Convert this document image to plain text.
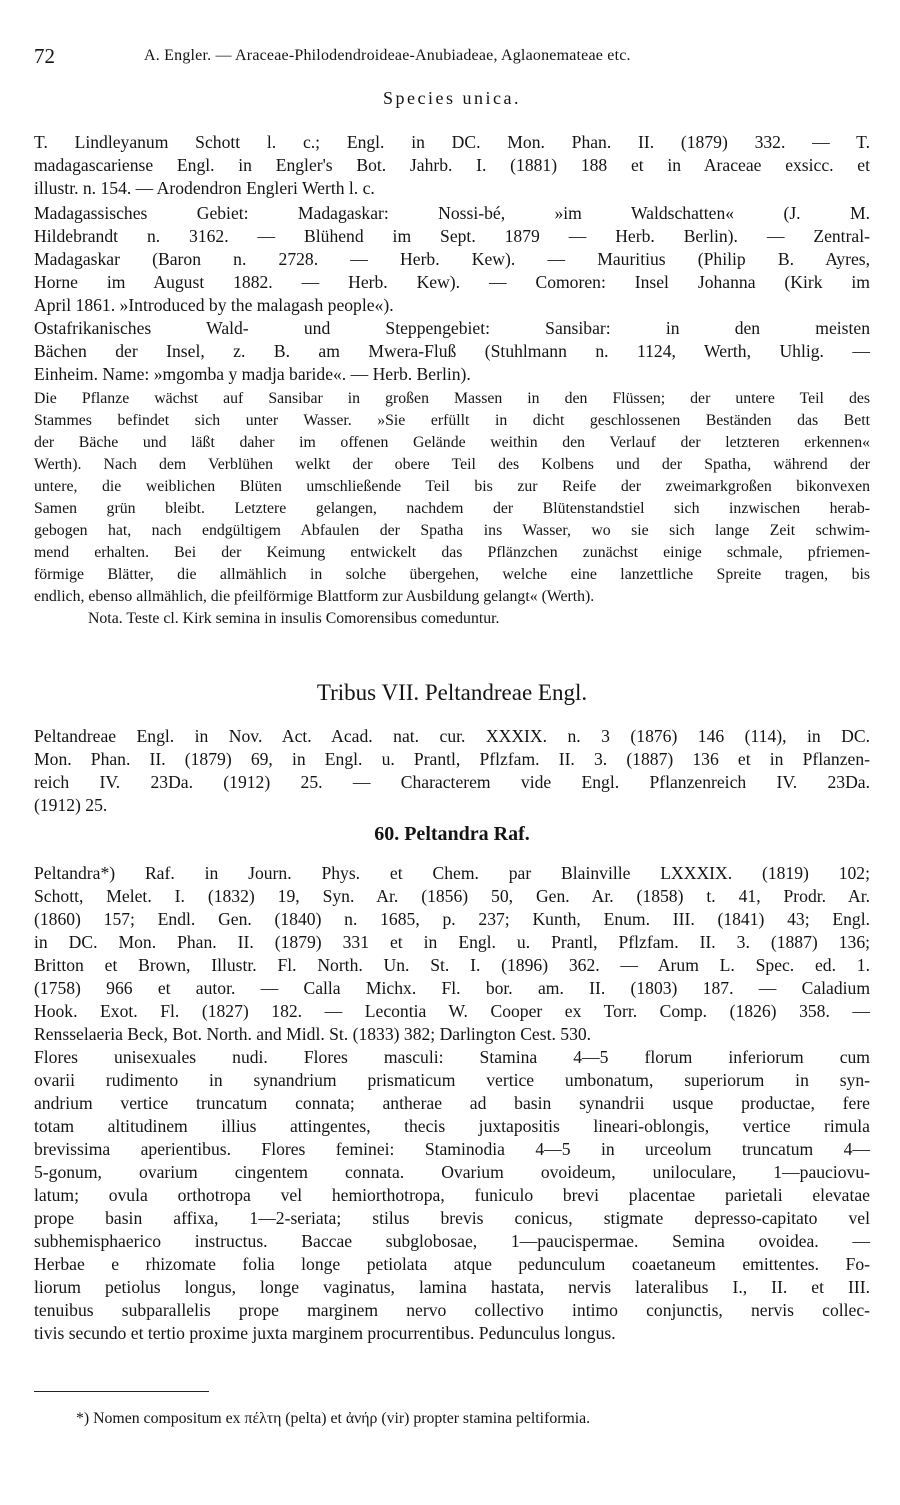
72	A. Engler. — Araceae-Philodendroideae-Anubiadeae, Aglaonemateae etc.
Species unica.
T. Lindleyanum Schott l. c.; Engl. in DC. Mon. Phan. II. (1879) 332. — T.
madagascariense Engl. in Engler's Bot. Jahrb. I. (1881) 188 et in Araceae exsicc. et
illustr. n. 154. — Arodendron Engleri Werth l. c.
Madagassisches Gebiet: Madagaskar: Nossi-bé, »im Waldschatten« (J. M.
Hildebrandt n. 3162. — Blühend im Sept. 1879 — Herb. Berlin). — Zentral-
Madagaskar (Baron n. 2728. — Herb. Kew). — Mauritius (Philip B. Ayres,
Horne im August 1882. — Herb. Kew). — Comoren: Insel Johanna (Kirk im
April 1861. »Introduced by the malagash people«).
Ostafrikanisches Wald- und Steppengebiet: Sansibar: in den meisten
Bächen der Insel, z. B. am Mwera-Fluß (Stuhlmann n. 1124, Werth, Uhlig. —
Einheim. Name: »mgomba y madja baride«. — Herb. Berlin).
Die Pflanze wächst auf Sansibar in großen Massen in den Flüssen; der untere Teil des
Stammes befindet sich unter Wasser. »Sie erfüllt in dicht geschlossenen Beständen das Bett
der Bäche und läßt daher im offenen Gelände weithin den Verlauf der letzteren erkennen«
Werth). Nach dem Verblühen welkt der obere Teil des Kolbens und der Spatha, während der
untere, die weiblichen Blüten umschließende Teil bis zur Reife der zweimarkgroßen bikonvexen
Samen grün bleibt. Letztere gelangen, nachdem der Blütenstandstiel sich inzwischen herab-
gebogen hat, nach endgültigem Abfaulen der Spatha ins Wasser, wo sie sich lange Zeit schwim-
mend erhalten. Bei der Keimung entwickelt das Pflänzchen zunächst einige schmale, pfriemen-
förmige Blätter, die allmählich in solche übergehen, welche eine lanzettliche Spreite tragen, bis
endlich, ebenso allmählich, die pfeilförmige Blattform zur Ausbildung gelangt« (Werth).
Nota. Teste cl. Kirk semina in insulis Comorensibus comeduntur.
Tribus VII. Peltandreae Engl.
Peltandreae Engl. in Nov. Act. Acad. nat. cur. XXXIX. n. 3 (1876) 146 (114), in DC.
Mon. Phan. II. (1879) 69, in Engl. u. Prantl, Pflzfam. II. 3. (1887) 136 et in Pflanzen-
reich IV. 23Da. (1912) 25. — Characterem vide Engl. Pflanzenreich IV. 23Da.
(1912) 25.
60. Peltandra Raf.
Peltandra*) Raf. in Journ. Phys. et Chem. par Blainville LXXXIX. (1819) 102;
Schott, Melet. I. (1832) 19, Syn. Ar. (1856) 50, Gen. Ar. (1858) t. 41, Prodr. Ar.
(1860) 157; Endl. Gen. (1840) n. 1685, p. 237; Kunth, Enum. III. (1841) 43; Engl.
in DC. Mon. Phan. II. (1879) 331 et in Engl. u. Prantl, Pflzfam. II. 3. (1887) 136;
Britton et Brown, Illustr. Fl. North. Un. St. I. (1896) 362. — Arum L. Spec. ed. 1.
(1758) 966 et autor. — Calla Michx. Fl. bor. am. II. (1803) 187. — Caladium
Hook. Exot. Fl. (1827) 182. — Lecontia W. Cooper ex Torr. Comp. (1826) 358. —
Rensselaeria Beck, Bot. North. and Midl. St. (1833) 382; Darlington Cest. 530.
Flores unisexuales nudi. Flores masculi: Stamina 4—5 florum inferiorum cum
ovarii rudimento in synandrium prismaticum vertice umbonatum, superiorum in syn-
andrium vertice truncatum connata; antherae ad basin synandrii usque productae, fere
totam altitudinem illius attingentes, thecis juxtapositis lineari-oblongis, vertice rimula
brevissima aperientibus. Flores feminei: Staminodia 4—5 in urceolum truncatum 4—
5-gonum, ovarium cingentem connata. Ovarium ovoideum, uniloculare, 1—pauciovu-
latum; ovula orthotropa vel hemiorthotropa, funiculo brevi placentae parietali elevatae
prope basin affixa, 1—2-seriata; stilus brevis conicus, stigmate depresso-capitato vel
subhemisphaerico instructus. Baccae subglobosae, 1—paucispermae. Semina ovoidea. —
Herbae e rhizomate folia longe petiolata atque pedunculum coaetaneum emittentes. Fo-
liorum petiolus longus, longe vaginatus, lamina hastata, nervis lateralibus I., II. et III.
tenuibus subparallelis prope marginem nervo collectivo intimo conjunctis, nervis collec-
tivis secundo et tertio proxime juxta marginem procurrentibus. Pedunculus longus.
*) Nomen compositum ex πέλτη (pelta) et ἀνήρ (vir) propter stamina peltiformia.
